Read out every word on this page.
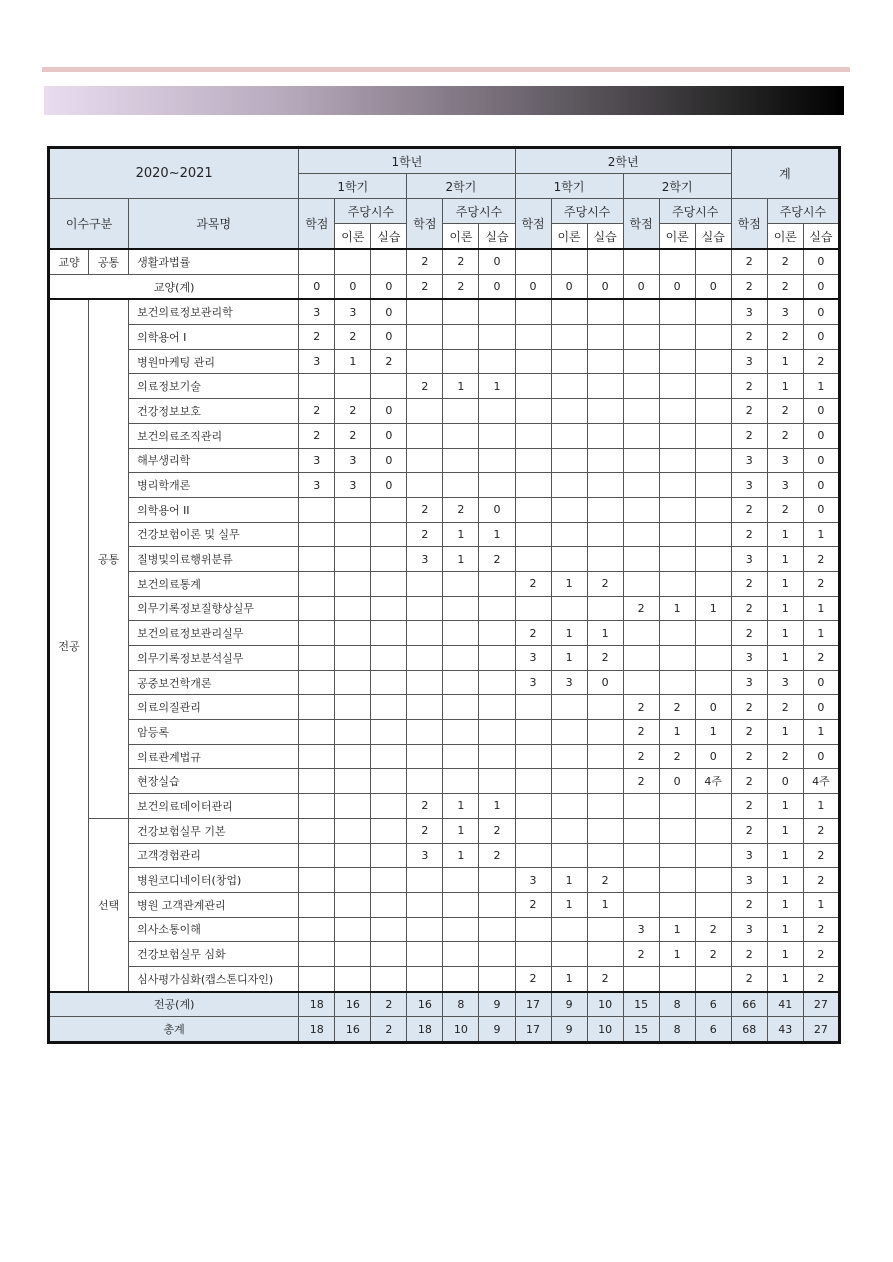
2020~2021			1학년						2학년						계		
			1학기			2학기			1학기			2학기					
이수구분		과목명	학점	주당시수		학점	주당시수		학점	주당시수		학점	주당시수		학점	주당시수	
				이론	실습		이론	실습		이론	실습		이론	실습		이론	실습
교양	공통	생활과법률				2	2	0							2	2	0
교양(계)			0	0	0	2	2	0	0	0	0	0	0	0	2	2	0
전공	공통	보건의료정보관리학	3	3	0										3	3	0
		의학용어 I	2	2	0										2	2	0
		병원마케팅 관리	3	1	2										3	1	2
		의료정보기술				2	1	1							2	1	1
		건강정보보호	2	2	0										2	2	0
		보건의료조직관리	2	2	0										2	2	0
		해부생리학	3	3	0										3	3	0
		병리학개론	3	3	0										3	3	0
		의학용어 II				2	2	0							2	2	0
		건강보험이론 및 실무				2	1	1							2	1	1
		질병및의료행위분류				3	1	2							3	1	2
		보건의료통계							2	1	2				2	1	2
		의무기록정보질향상실무										2	1	1	2	1	1
		보건의료정보관리실무							2	1	1				2	1	1
		의무기록정보분석실무							3	1	2				3	1	2
		공중보건학개론							3	3	0				3	3	0
		의료의질관리										2	2	0	2	2	0
		암등록										2	1	1	2	1	1
		의료관계법규										2	2	0	2	2	0
		현장실습										2	0	4주	2	0	4주
		보건의료데이터관리				2	1	1							2	1	1
	선택	건강보험실무 기본				2	1	2							2	1	2
		고객경험관리				3	1	2							3	1	2
		병원코디네이터(창업)							3	1	2				3	1	2
		병원 고객관계관리							2	1	1				2	1	1
		의사소통이해										3	1	2	3	1	2
		건강보험실무 심화										2	1	2	2	1	2
		심사평가심화(캡스톤디자인)							2	1	2				2	1	2
전공(계)			18	16	2	16	8	9	17	9	10	15	8	6	66	41	27
총계			18	16	2	18	10	9	17	9	10	15	8	6	68	43	27
